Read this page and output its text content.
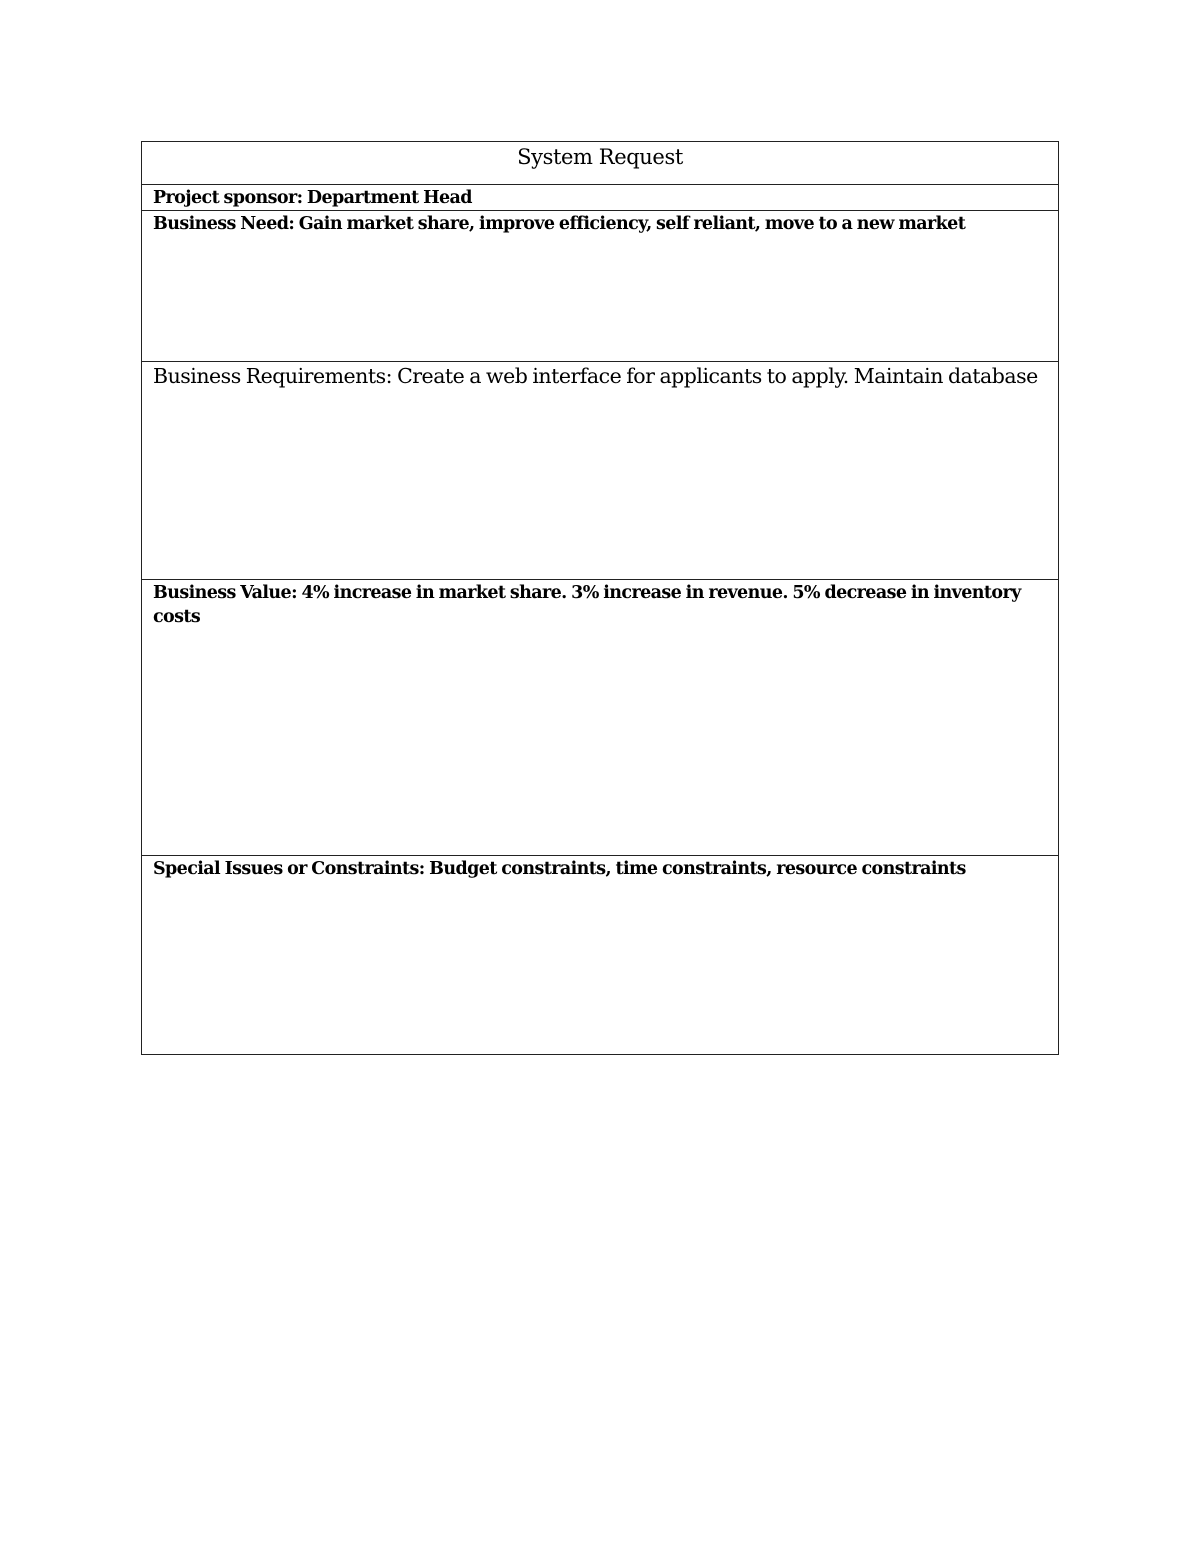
System Request
Project sponsor: Department Head
Business Need: Gain market share, improve efficiency, self reliant, move to a new market
Business Requirements: Create a web interface for applicants to apply. Maintain database
Business Value: 4% increase in market share. 3% increase in revenue. 5% decrease in inventory costs
Special Issues or Constraints: Budget constraints, time constraints, resource constraints
